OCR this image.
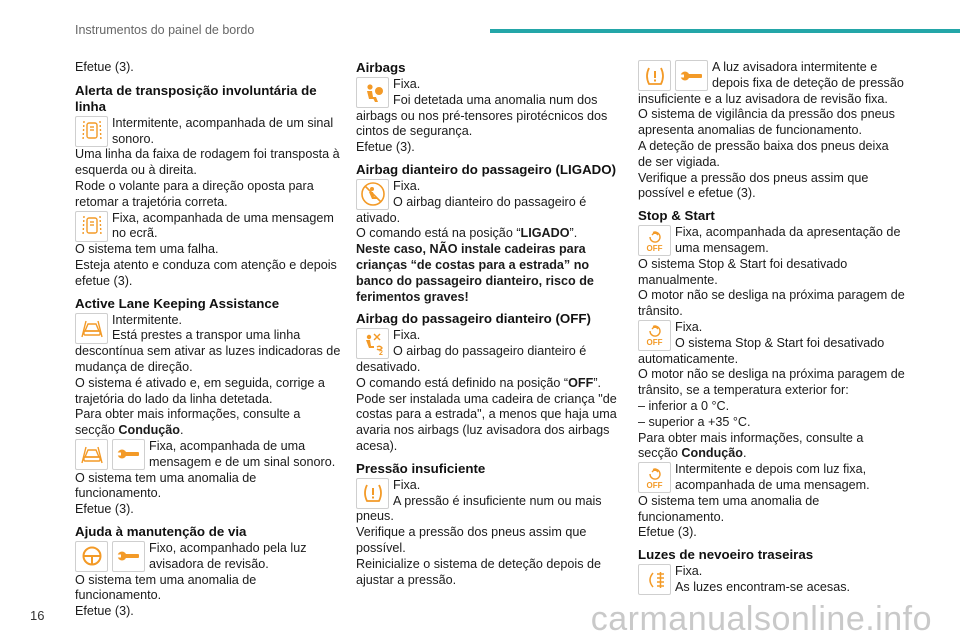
Instrumentos do painel de bordo

Efetue (3).

Alerta de transposição involuntária de linha
Intermitente, acompanhada de um sinal sonoro.

Uma linha da faixa de rodagem foi transposta à esquerda ou à direita.
Rode o volante para a direção oposta para retomar a trajetória correta.

Fixa, acompanhada de uma mensagem no ecrã.

O sistema tem uma falha.
Esteja atento e conduza com atenção e depois efetue (3).

Active Lane Keeping Assistance
Intermitente.
Está prestes a transpor uma linha

descontínua sem ativar as luzes indicadoras de mudança de direção.
O sistema é ativado e, em seguida, corrige a trajetória do lado da linha detetada.
Para obter mais informações, consulte a secção Condução.

Fixa, acompanhada de uma mensagem e de um sinal sonoro.

O sistema tem uma anomalia de funcionamento.
Efetue (3).

Ajuda à manutenção de via
Fixo, acompanhado pela luz avisadora de revisão.

O sistema tem uma anomalia de funcionamento.
Efetue (3).

Airbags
Fixa.
Foi detetada uma anomalia num dos

airbags ou nos pré-tensores pirotécnicos dos cintos de segurança.
Efetue (3).

Airbag dianteiro do passageiro (LIGADO)
Fixa.
O airbag dianteiro do passageiro é

ativado.

O comando está na posição “LIGADO”.

Neste caso, NÃO instale cadeiras para crianças “de costas para a estrada” no banco do passageiro dianteiro, risco de ferimentos graves!

Airbag do passageiro dianteiro (OFF)
2
Fixa.
O airbag do passageiro dianteiro é

desativado.

O comando está definido na posição “OFF”.

Pode ser instalada uma cadeira de criança "de costas para a estrada", a menos que haja uma avaria nos airbags (luz avisadora dos airbags acesa).

Pressão insuficiente
Fixa.
A pressão é insuficiente num ou mais

pneus.
Verifique a pressão dos pneus assim que possível.
Reinicialize o sistema de deteção depois de ajustar a pressão.

A luz avisadora intermitente e depois fixa de deteção de pressão

insuficiente e a luz avisadora de revisão fixa.
O sistema de vigilância da pressão dos pneus apresenta anomalias de funcionamento.
A deteção de pressão baixa dos pneus deixa de ser vigiada.
Verifique a pressão dos pneus assim que possível e efetue (3).

Stop & Start
OFF
Fixa, acompanhada da apresentação de uma mensagem.

O sistema Stop & Start foi desativado manualmente.
O motor não se desliga na próxima paragem de trânsito.

OFF
Fixa.
O sistema Stop & Start foi desativado

automaticamente.
O motor não se desliga na próxima paragem de trânsito, se a temperatura exterior for:
– inferior a 0 °C.
– superior a +35 °C.
Para obter mais informações, consulte a secção Condução.

OFF
Intermitente e depois com luz fixa, acompanhada de uma mensagem.

O sistema tem uma anomalia de funcionamento.
Efetue (3).

Luzes de nevoeiro traseiras
Fixa.
As luzes encontram-se acesas.
16	carmanualsonline.info
